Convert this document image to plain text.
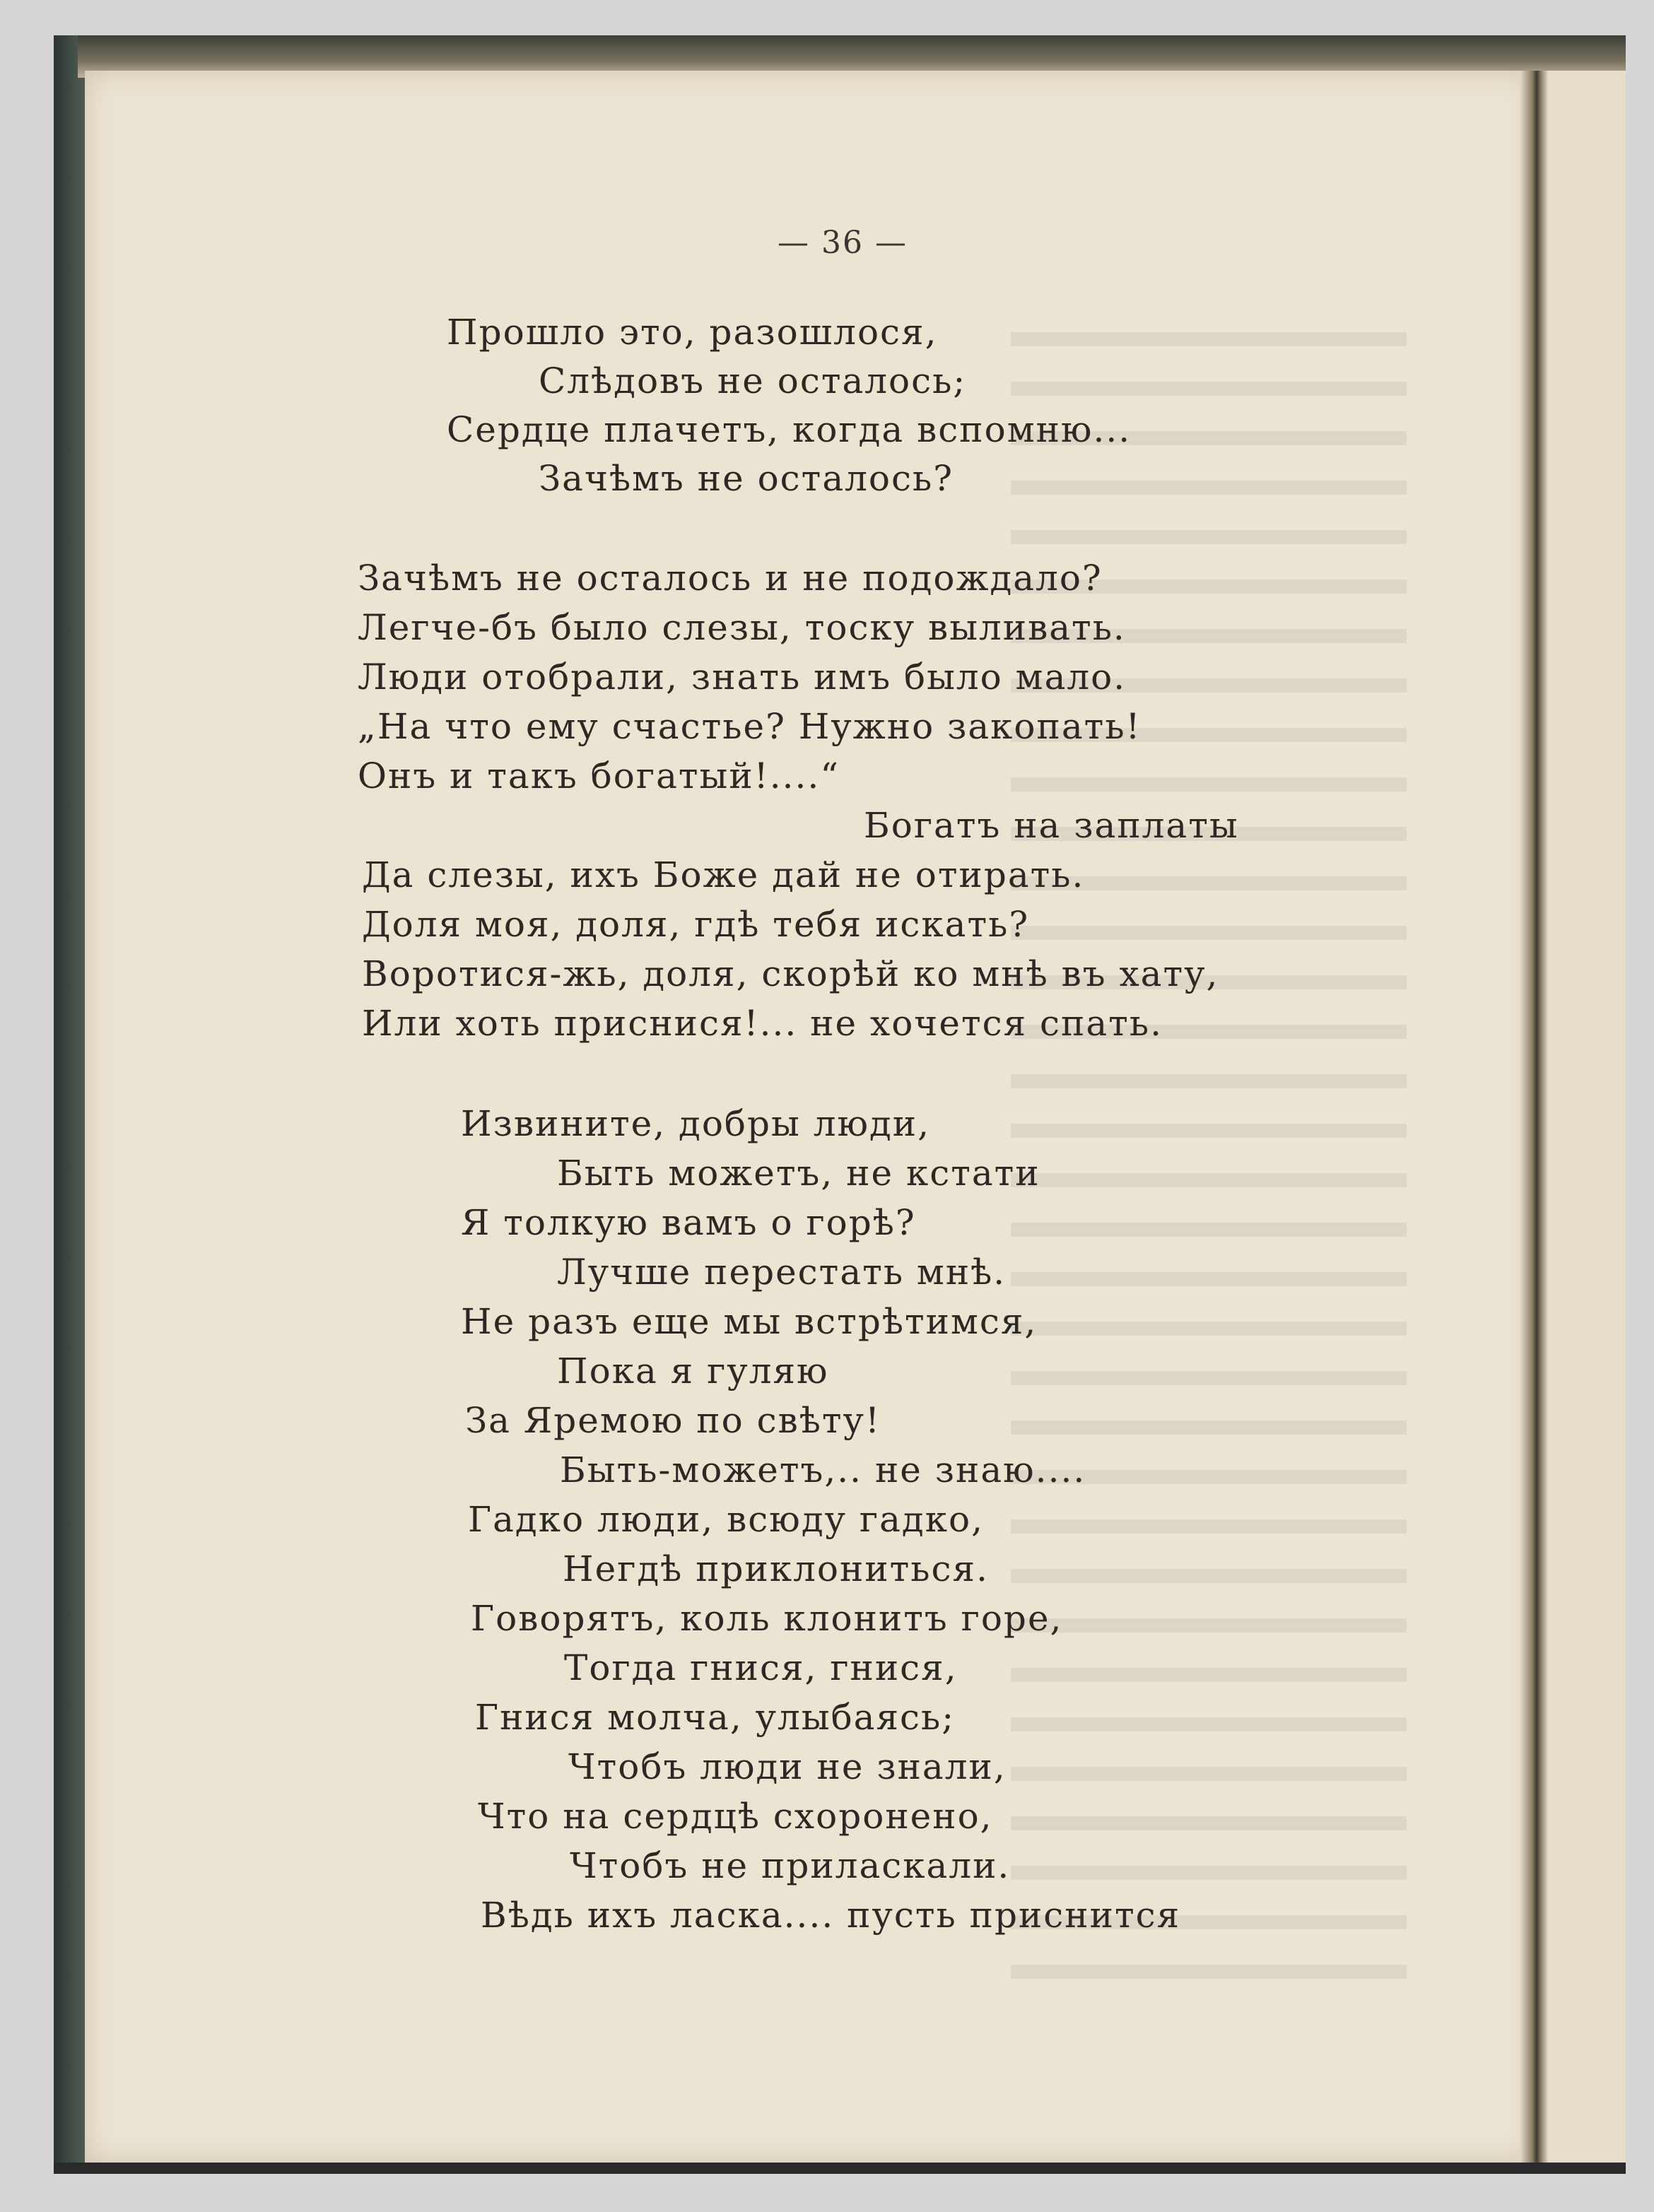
— 36 —
Прошло это, разошлося,
Слѣдовъ не осталось;
Сердце плачетъ, когда вспомню...
Зачѣмъ не осталось?
Зачѣмъ не осталось и не подождало?
Легче-бъ было слезы, тоску выливать.
Люди отобрали, знать имъ было мало.
„На что ему счастье? Нужно закопать!
Онъ и такъ богатый!....“
Богатъ на заплаты
Да слезы, ихъ Боже дай не отирать.
Доля моя, доля, гдѣ тебя искать?
Воротися-жь, доля, скорѣй ко мнѣ въ хату,
Или хоть приснися!... не хочется спать.
Извините, добры люди,
Быть можетъ, не кстати
Я толкую вамъ о горѣ?
Лучше перестать мнѣ.
Не разъ еще мы встрѣтимся,
Пока я гуляю
За Яремою по свѣту!
Быть-можетъ,.. не знаю....
Гадко люди, всюду гадко,
Негдѣ приклониться.
Говорятъ, коль клонитъ горе,
Тогда гнися, гнися,
Гнися молча, улыбаясь;
Чтобъ люди не знали,
Что на сердцѣ схоронено,
Чтобъ не приласкали.
Вѣдь ихъ ласка.... пусть приснится
